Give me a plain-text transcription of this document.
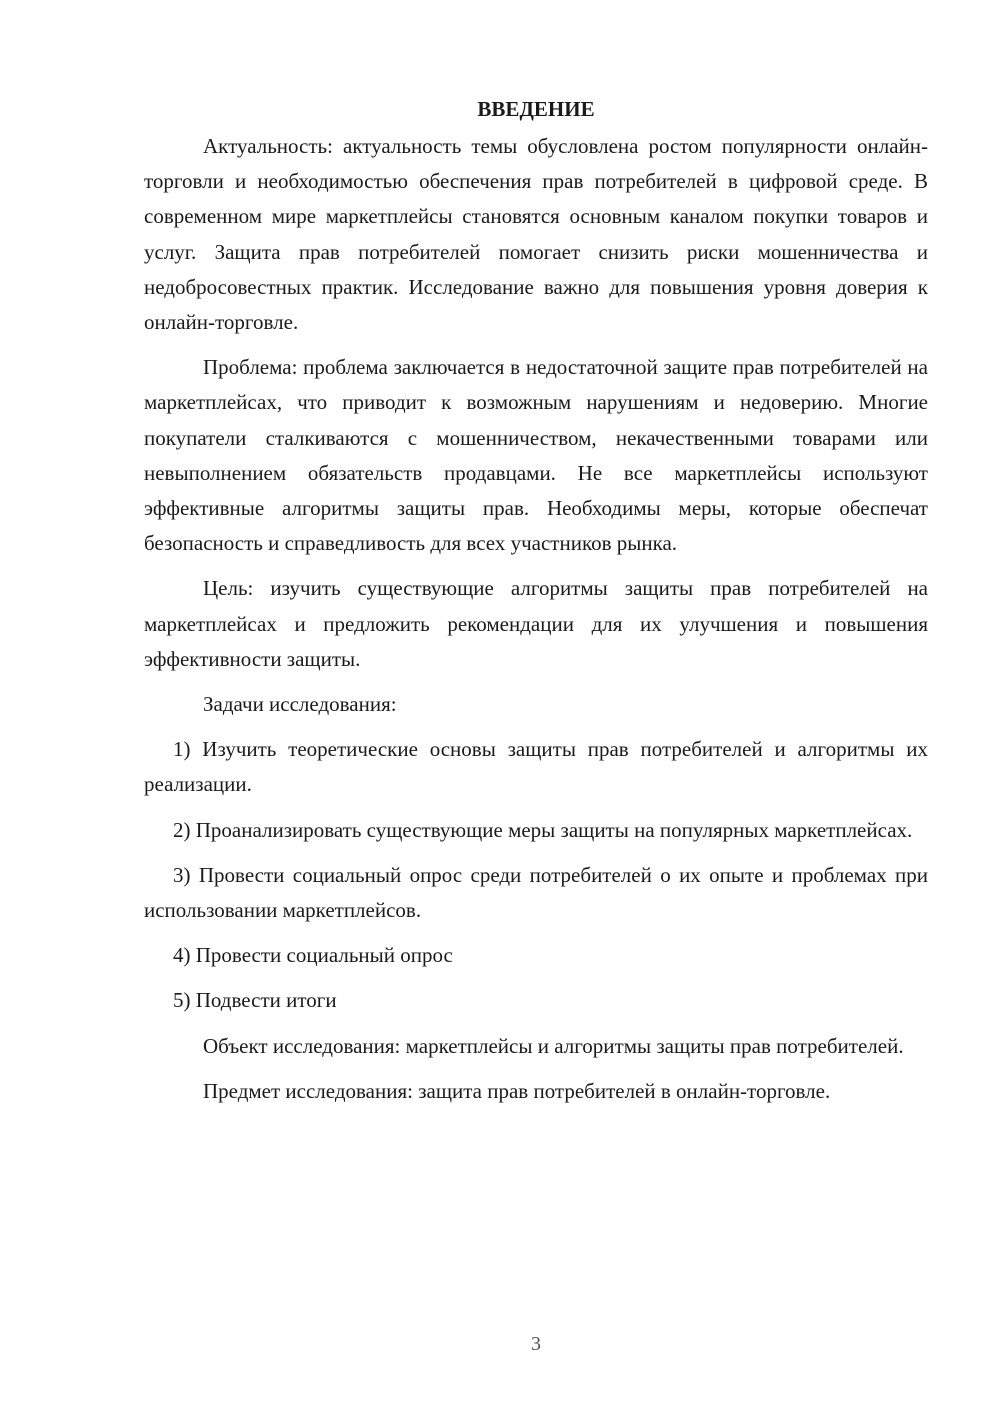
ВВЕДЕНИЕ

Актуальность: актуальность темы обусловлена ростом популярности онлайн-торговли и необходимостью обеспечения прав потребителей в цифровой среде. В современном мире маркетплейсы становятся основным каналом покупки товаров и услуг. Защита прав потребителей помогает снизить риски мошенничества и недобросовестных практик. Исследование важно для повышения уровня доверия к онлайн-торговле.

Проблема: проблема заключается в недостаточной защите прав потребителей на маркетплейсах, что приводит к возможным нарушениям и недоверию. Многие покупатели сталкиваются с мошенничеством, некачественными товарами или невыполнением обязательств продавцами. Не все маркетплейсы используют эффективные алгоритмы защиты прав. Необходимы меры, которые обеспечат безопасность и справедливость для всех участников рынка.

Цель: изучить существующие алгоритмы защиты прав потребителей на маркетплейсах и предложить рекомендации для их улучшения и повышения эффективности защиты.

Задачи исследования:

1) Изучить теоретические основы защиты прав потребителей и алгоритмы их реализации.

2) Проанализировать существующие меры защиты на популярных маркетплейсах.

3) Провести социальный опрос среди потребителей о их опыте и проблемах при использовании маркетплейсов.

4) Провести социальный опрос

5) Подвести итоги

Объект исследования: маркетплейсы и алгоритмы защиты прав потребителей.

Предмет исследования: защита прав потребителей в онлайн-торговле.

3
